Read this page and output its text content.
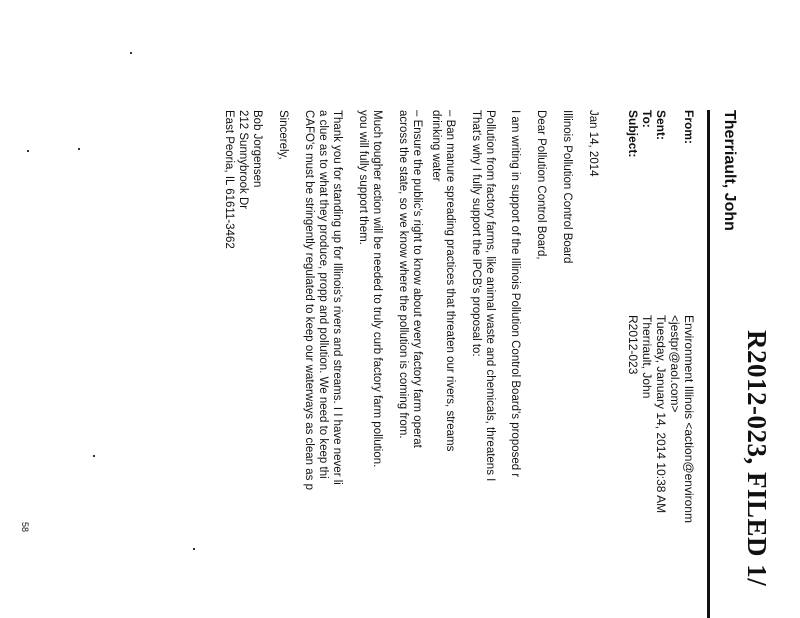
R2012-023, FILED 1/
Therriault, John
From:
Environment Illinois <action@environm
<jestpr@aol.com>
Sent:
Tuesday, January 14, 2014 10:38 AM
To:
Therriault, John
Subject:
R2012-023
Jan 14, 2014
Illinois Pollution Control Board
Dear Pollution Control Board,
I am writing in support of the Illinois Pollution Control Board's proposed r
Pollution from factory farms, like animal waste and chemicals, threatens I
That's why I fully support the IPCB's proposal to:
– Ban manure spreading practices that threaten our rivers, streams
drinking water
– Ensure the public's right to know about every factory farm operat
across the state, so we know where the pollution is coming from.
Much tougher action will be needed to truly curb factory farm pollution.
you will fully support them.
Thank you for standing up for Illinois's rivers and streams. I I have never li
a clue as to what they produce, propp and pollution. We need to keep thi
CAFO's must be stringently regulated to keep our waterways as clean as p
Sincerely,
Bob Jorgensen
212 Sunnybrook Dr
East Peoria, IL 61611-3462
58
